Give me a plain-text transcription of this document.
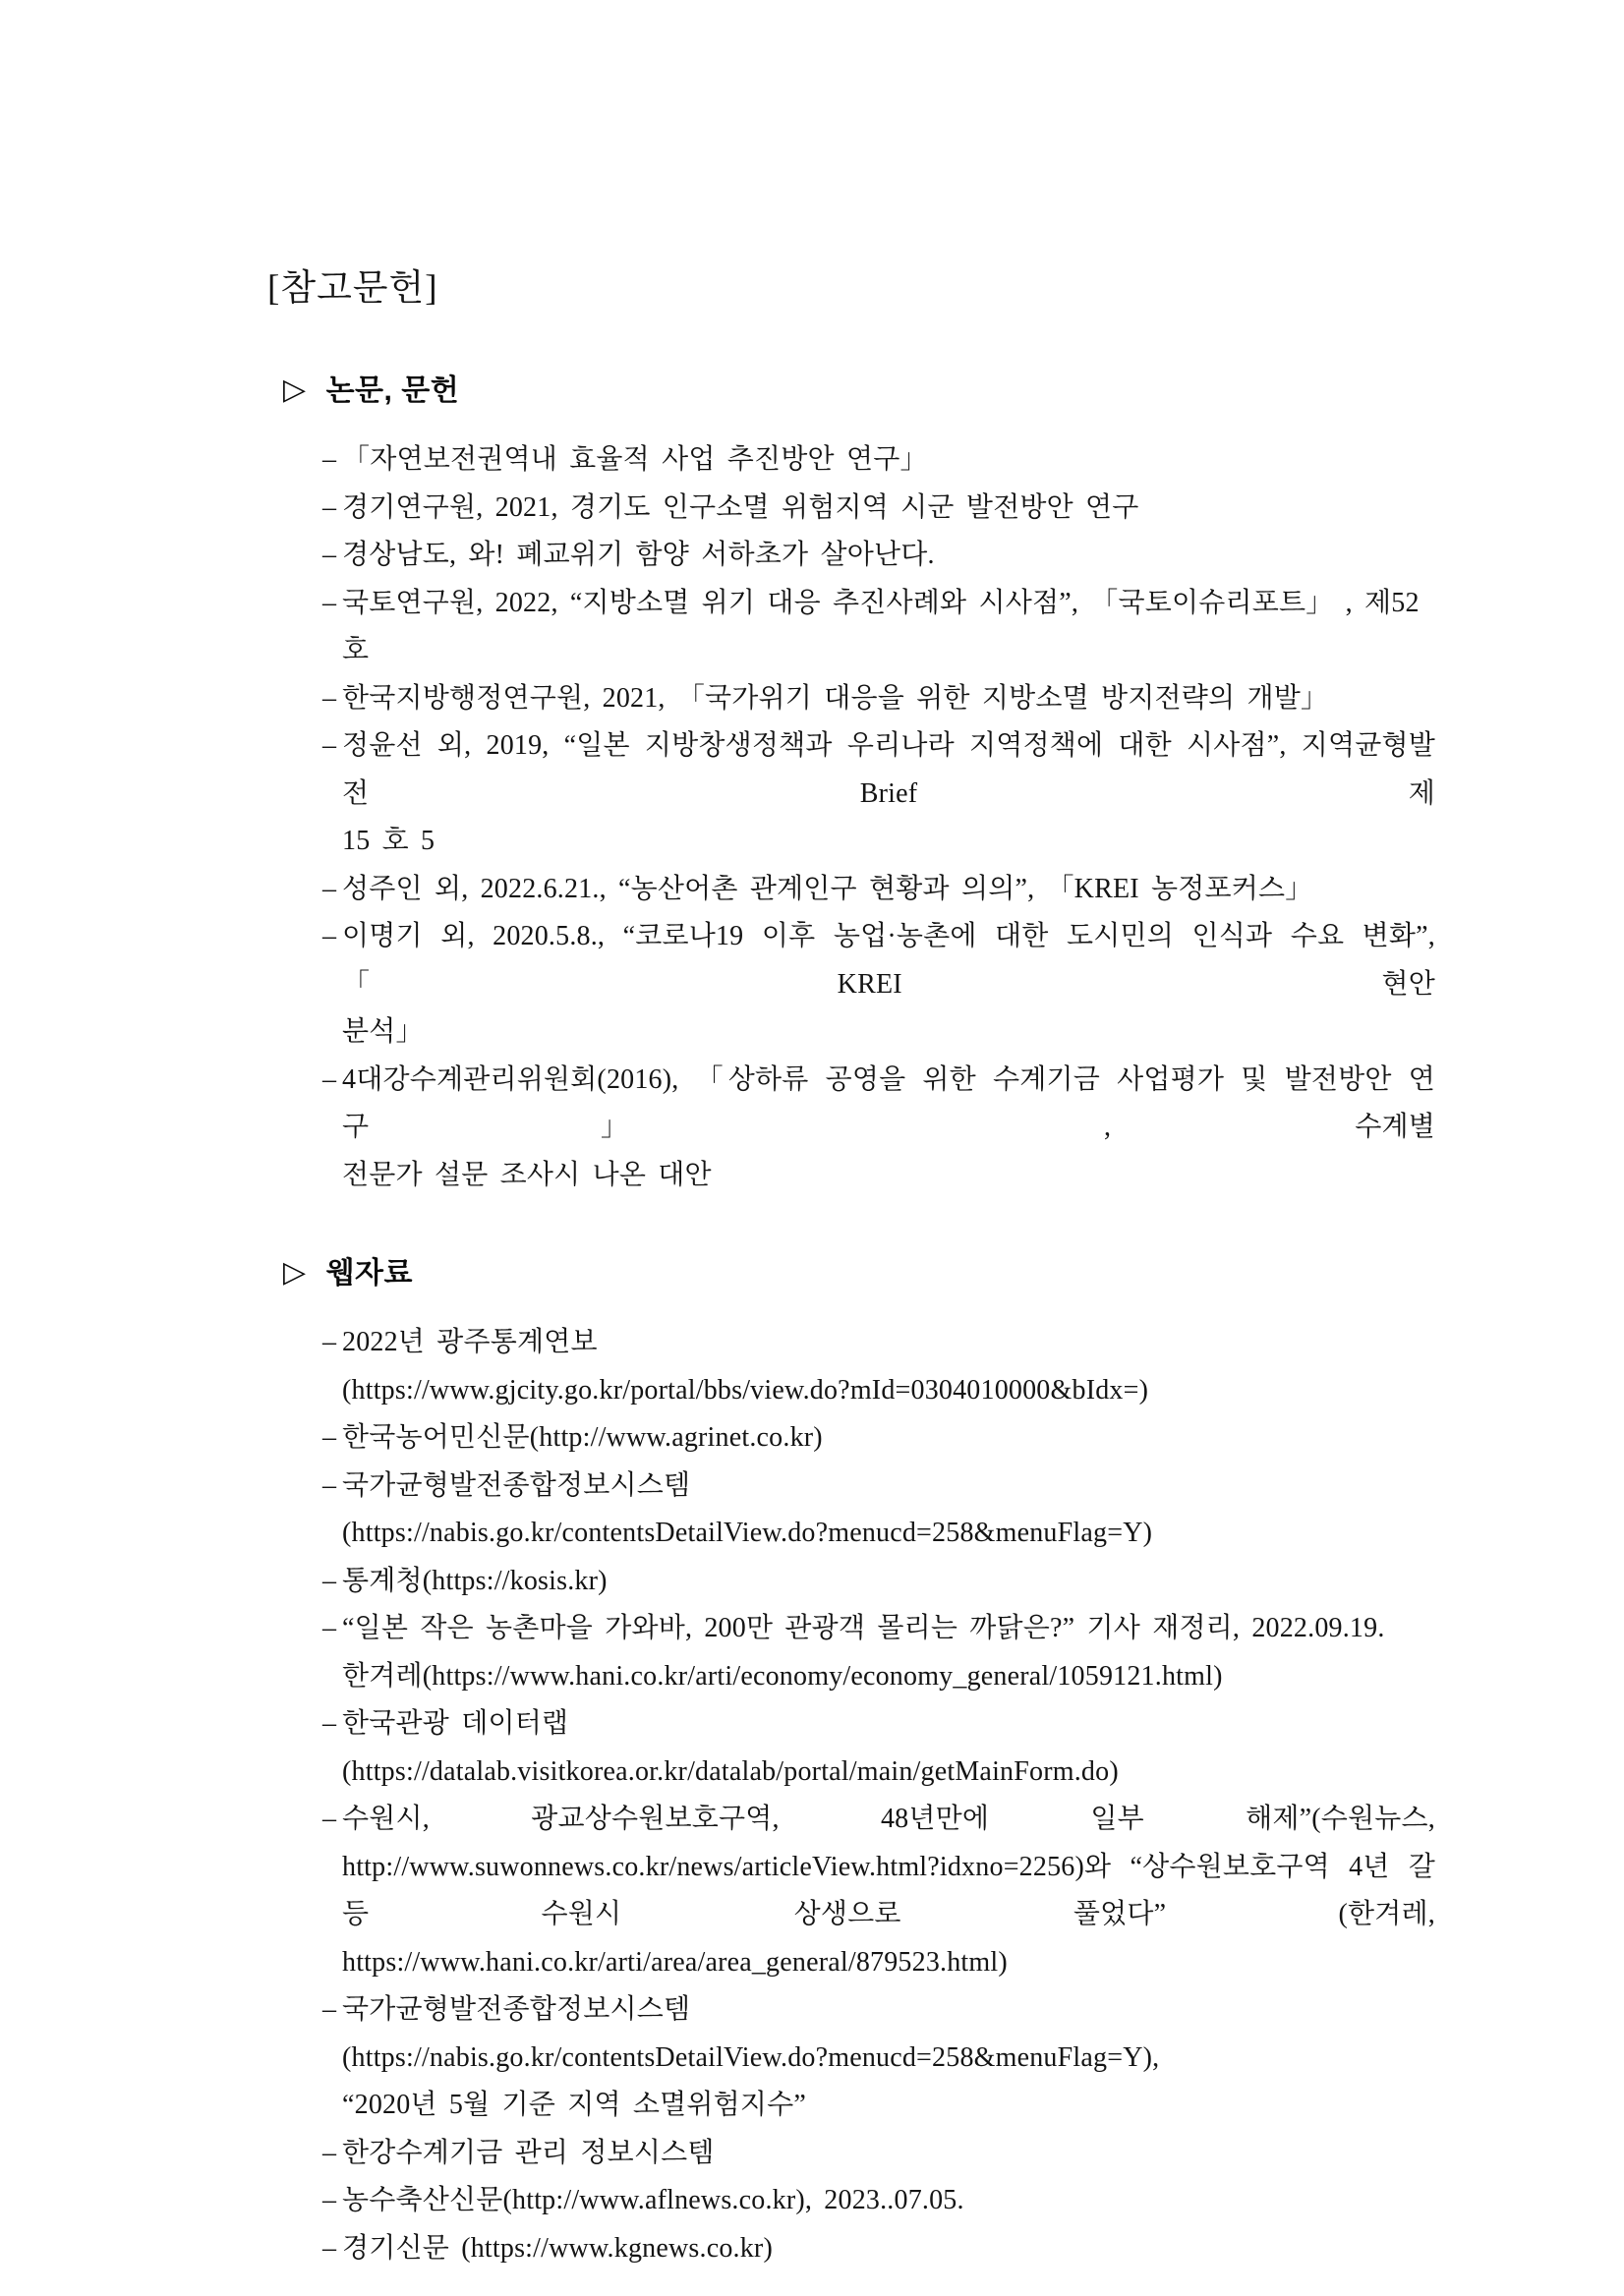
[참고문헌]
▷ 논문, 문헌
– 「자연보전권역내 효율적 사업 추진방안 연구」
– 경기연구원, 2021, 경기도 인구소멸 위험지역 시군 발전방안 연구
– 경상남도, 와! 폐교위기 함양 서하초가 살아난다.
– 국토연구원, 2022, “지방소멸 위기 대응 추진사례와 시사점”, 「국토이슈리포트」 , 제52호
– 한국지방행정연구원, 2021, 「국가위기 대응을 위한 지방소멸 방지전략의 개발」
– 정윤선 외, 2019, “일본 지방창생정책과 우리나라 지역정책에 대한 시사점”, 지역균형발전 Brief 제
15 호 5
– 성주인 외, 2022.6.21., “농산어촌 관계인구 현황과 의의”, 「KREI 농정포커스」
– 이명기 외, 2020.5.8., “코로나19 이후 농업·농촌에 대한 도시민의 인식과 수요 변화”, 「KREI 현안
분석」
– 4대강수계관리위원회(2016), 「상하류 공영을 위한 수계기금 사업평가 및 발전방안 연구」 , 수계별
전문가 설문 조사시 나온 대안
▷ 웹자료
– 2022년 광주통계연보
(https://www.gjcity.go.kr/portal/bbs/view.do?mId=0304010000&bIdx=)
– 한국농어민신문(http://www.agrinet.co.kr)
– 국가균형발전종합정보시스템
(https://nabis.go.kr/contentsDetailView.do?menucd=258&menuFlag=Y)
– 통계청(https://kosis.kr)
– “일본 작은 농촌마을 가와바, 200만 관광객 몰리는 까닭은?” 기사 재정리, 2022.09.19.
한겨레(https://www.hani.co.kr/arti/economy/economy_general/1059121.html)
– 한국관광 데이터랩
(https://datalab.visitkorea.or.kr/datalab/portal/main/getMainForm.do)
– 수원시, 광교상수원보호구역, 48년만에 일부 해제”(수원뉴스,
http://www.suwonnews.co.kr/news/articleView.html?idxno=2256)와 “상수원보호구역 4년 갈
등 수원시 상생으로 풀었다” (한겨레,
https://www.hani.co.kr/arti/area/area_general/879523.html)
– 국가균형발전종합정보시스템
(https://nabis.go.kr/contentsDetailView.do?menucd=258&menuFlag=Y),
“2020년 5월 기준 지역 소멸위험지수”
– 한강수계기금 관리 정보시스템
– 농수축산신문(http://www.aflnews.co.kr), 2023..07.05.
– 경기신문 (https://www.kgnews.co.kr)
